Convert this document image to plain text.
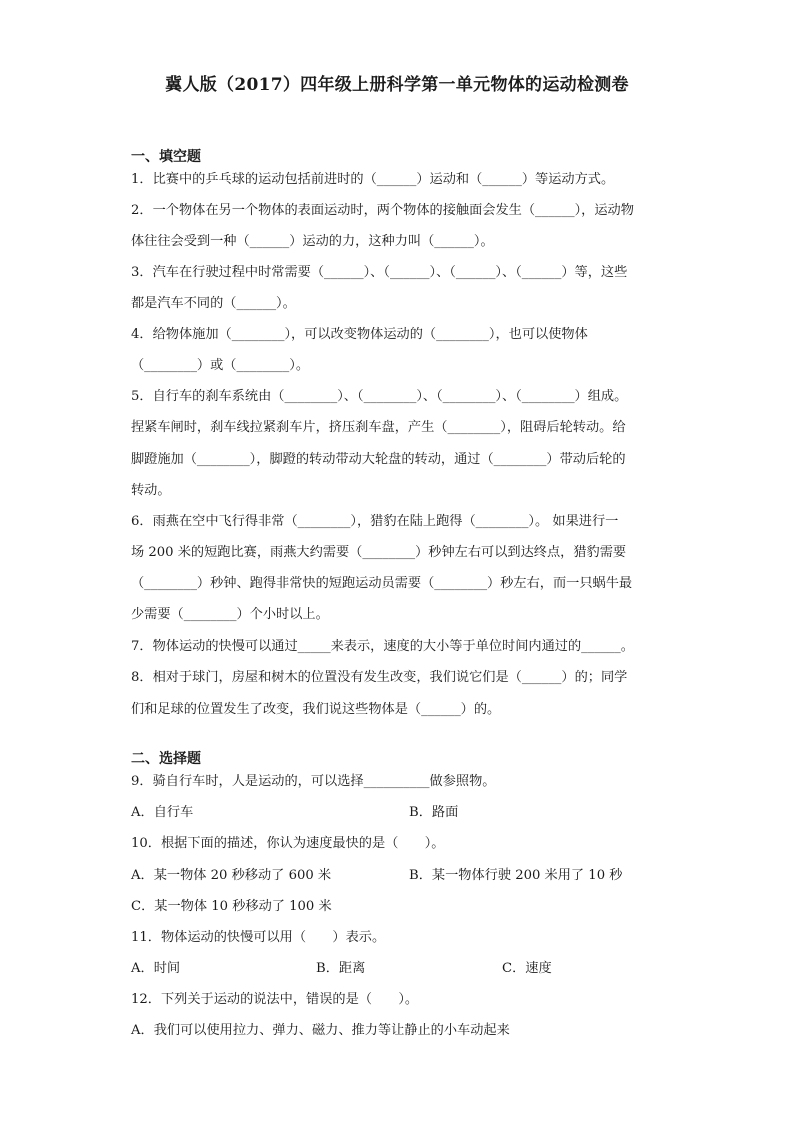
冀人版（2017）四年级上册科学第一单元物体的运动检测卷
一、填空题
1．比赛中的乒乓球的运动包括前进时的（______）运动和（______）等运动方式。
2．一个物体在另一个物体的表面运动时，两个物体的接触面会发生（______），运动物
体往往会受到一种（______）运动的力，这种力叫（______）。
3．汽车在行驶过程中时常需要（______）、（______）、（______）、（______）等，这些
都是汽车不同的（______）。
4．给物体施加（________），可以改变物体运动的（________），也可以使物体
（________）或（________）。
5．自行车的刹车系统由（________）、（________）、（________）、（________）组成。
捏紧车闸时，刹车线拉紧刹车片，挤压刹车盘，产生（________），阻碍后轮转动。给
脚蹬施加（________），脚蹬的转动带动大轮盘的转动，通过（________）带动后轮的
转动。
6．雨燕在空中飞行得非常（________），猎豹在陆上跑得（________）。 如果进行一
场 200 米的短跑比赛，雨燕大约需要（________）秒钟左右可以到达终点，猎豹需要
（________）秒钟、跑得非常快的短跑运动员需要（________）秒左右，而一只蜗牛最
少需要（________）个小时以上。
7．物体运动的快慢可以通过_____来表示，速度的大小等于单位时间内通过的______。
8．相对于球门，房屋和树木的位置没有发生改变，我们说它们是（______）的；同学
们和足球的位置发生了改变，我们说这些物体是（______）的。
二、选择题
9．骑自行车时，人是运动的，可以选择__________做参照物。
A．自行车	B．路面
10．根据下面的描述，你认为速度最快的是（　　）。
A．某一物体 20 秒移动了 600 米	B．某一物体行驶 200 米用了 10 秒
C．某一物体 10 秒移动了 100 米
11．物体运动的快慢可以用（　　）表示。
A．时间	B．距离	C．速度
12．下列关于运动的说法中，错误的是（　　）。
A．我们可以使用拉力、弹力、磁力、推力等让静止的小车动起来
